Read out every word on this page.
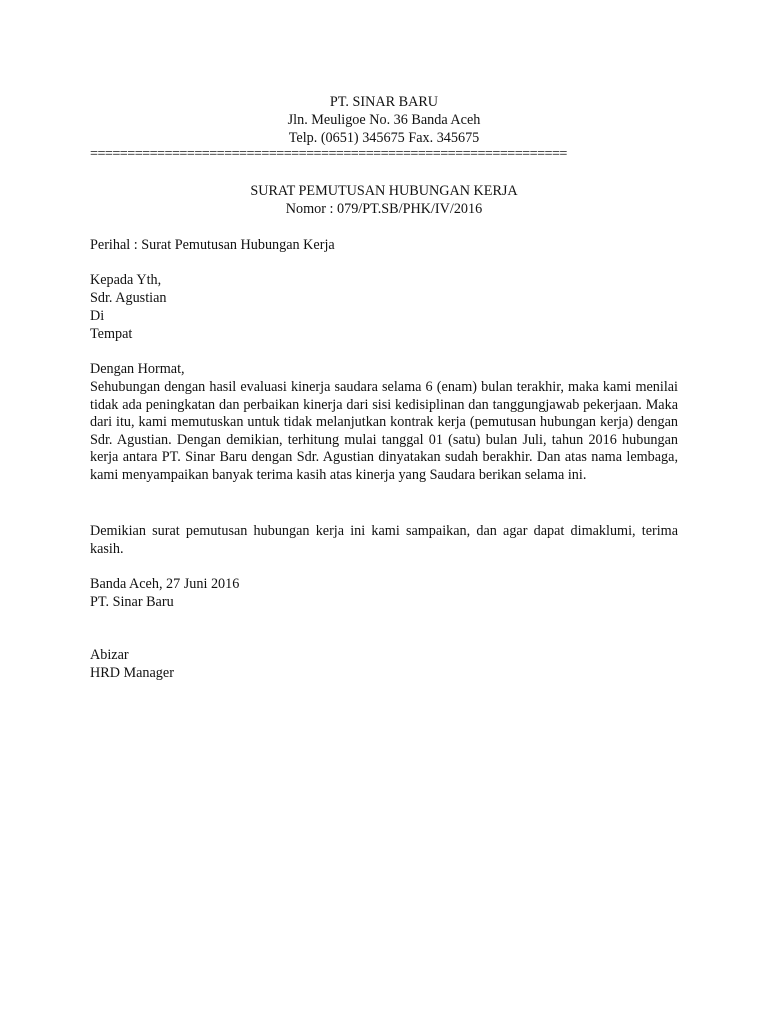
PT. SINAR BARU
Jln. Meuligoe No. 36 Banda Aceh
Telp. (0651) 345675 Fax. 345675
================================================================
SURAT PEMUTUSAN HUBUNGAN KERJA
Nomor : 079/PT.SB/PHK/IV/2016
Perihal : Surat Pemutusan Hubungan Kerja
Kepada Yth,
Sdr. Agustian
Di
Tempat
Dengan Hormat,

Sehubungan dengan hasil evaluasi kinerja saudara selama 6 (enam) bulan terakhir, maka kami menilai tidak ada peningkatan dan perbaikan kinerja dari sisi kedisiplinan dan tanggungjawab pekerjaan. Maka dari itu, kami memutuskan untuk tidak melanjutkan kontrak kerja (pemutusan hubungan kerja) dengan Sdr. Agustian. Dengan demikian, terhitung mulai tanggal 01 (satu) bulan Juli, tahun 2016 hubungan kerja antara PT. Sinar Baru dengan Sdr. Agustian dinyatakan sudah berakhir. Dan atas nama lembaga, kami menyampaikan banyak terima kasih atas kinerja yang Saudara berikan selama ini.

Demikian surat pemutusan hubungan kerja ini kami sampaikan, dan agar dapat dimaklumi, terima kasih.

Banda Aceh, 27 Juni 2016
PT. Sinar Baru
Abizar
HRD Manager
